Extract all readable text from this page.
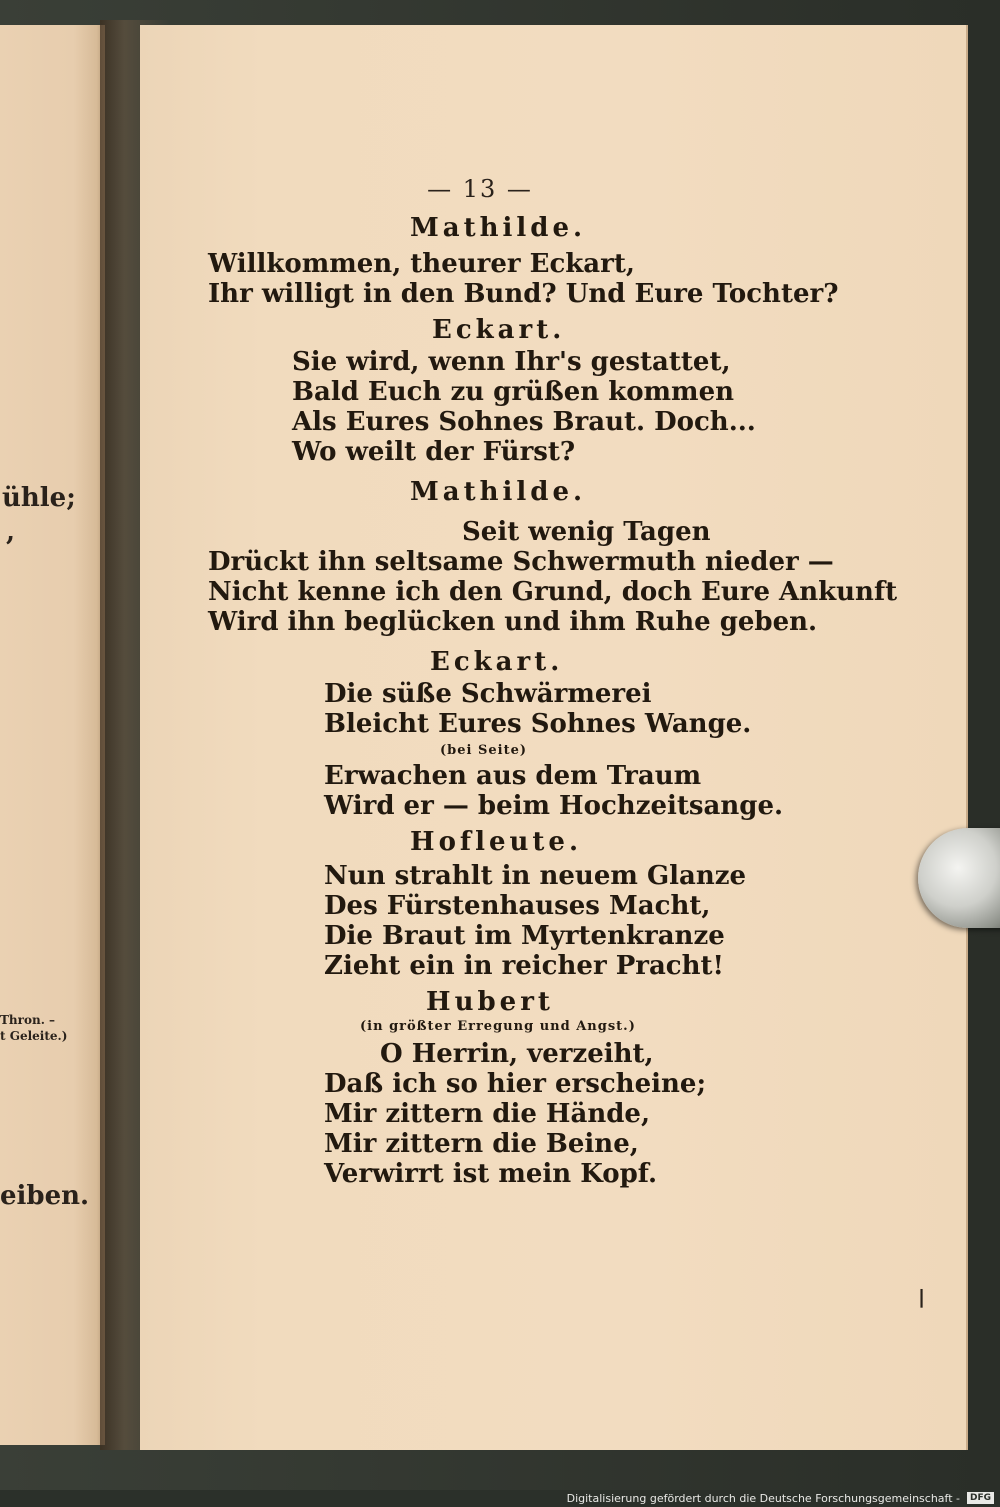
ühle;
,
Thron. –
t Geleite.)
eiben.
— 13 —
Mathilde.
Willkommen, theurer Eckart,
Ihr willigt in den Bund? Und Eure Tochter?
Eckart.
Sie wird, wenn Ihr's gestattet,
Bald Euch zu grüßen kommen
Als Eures Sohnes Braut. Doch...
Wo weilt der Fürst?
Mathilde.
Seit wenig Tagen
Drückt ihn seltsame Schwermuth nieder —
Nicht kenne ich den Grund, doch Eure Ankunft
Wird ihn beglücken und ihm Ruhe geben.
Eckart.
Die süße Schwärmerei
Bleicht Eures Sohnes Wange.
(bei Seite)
Erwachen aus dem Traum
Wird er — beim Hochzeitsange.
Hofleute.
Nun strahlt in neuem Glanze
Des Fürstenhauses Macht,
Die Braut im Myrtenkranze
Zieht ein in reicher Pracht!
Hubert
(in größter Erregung und Angst.)
O Herrin, verzeiht,
Daß ich so hier erscheine;
Mir zittern die Hände,
Mir zittern die Beine,
Verwirrt ist mein Kopf.
❘
Digitalisierung gefördert durch die Deutsche Forschungsgemeinschaft -	DFG
